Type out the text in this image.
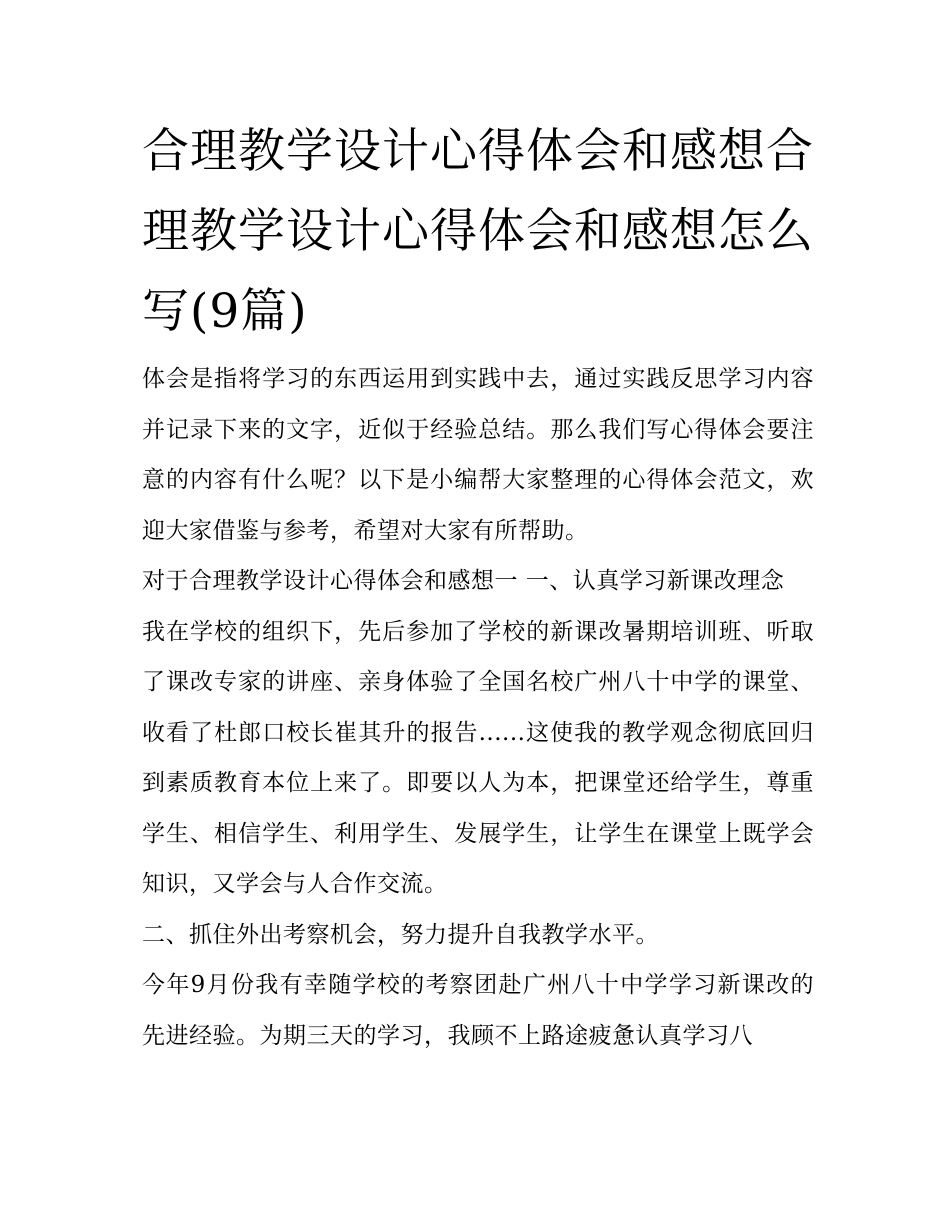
合理教学设计心得体会和感想合理教学设计心得体会和感想怎么写(9篇)

体会是指将学习的东西运用到实践中去，通过实践反思学习内容并记录下来的文字，近似于经验总结。那么我们写心得体会要注意的内容有什么呢？以下是小编帮大家整理的心得体会范文，欢迎大家借鉴与参考，希望对大家有所帮助。

对于合理教学设计心得体会和感想一 一、认真学习新课改理念

我在学校的组织下，先后参加了学校的新课改暑期培训班、听取了课改专家的讲座、亲身体验了全国名校广州八十中学的课堂、收看了杜郎口校长崔其升的报告......这使我的教学观念彻底回归到素质教育本位上来了。即要以人为本，把课堂还给学生，尊重学生、相信学生、利用学生、发展学生，让学生在课堂上既学会知识，又学会与人合作交流。

二、抓住外出考察机会，努力提升自我教学水平。

今年9月份我有幸随学校的考察团赴广州八十中学学习新课改的先进经验。为期三天的学习，我顾不上路途疲惫认真学习八
